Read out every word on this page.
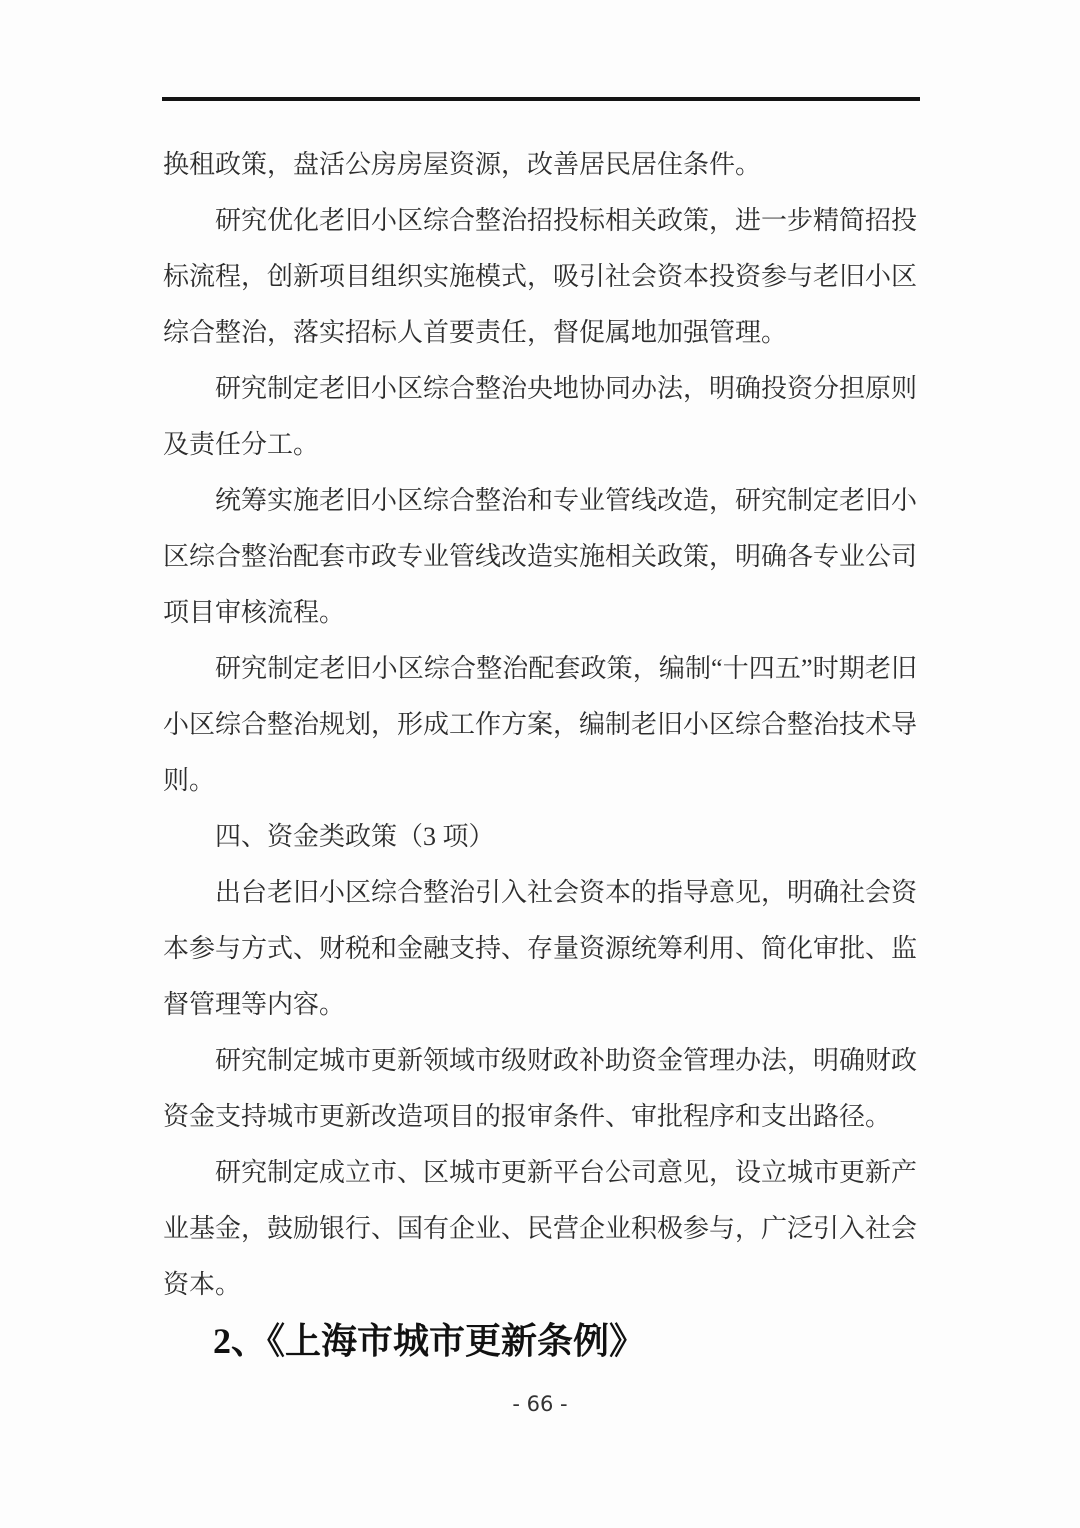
换租政策，盘活公房房屋资源，改善居民居住条件。

研究优化老旧小区综合整治招投标相关政策，进一步精简招投标流程，创新项目组织实施模式，吸引社会资本投资参与老旧小区综合整治，落实招标人首要责任，督促属地加强管理。

研究制定老旧小区综合整治央地协同办法，明确投资分担原则及责任分工。

统筹实施老旧小区综合整治和专业管线改造，研究制定老旧小区综合整治配套市政专业管线改造实施相关政策，明确各专业公司项目审核流程。

研究制定老旧小区综合整治配套政策，编制“十四五”时期老旧小区综合整治规划，形成工作方案，编制老旧小区综合整治技术导则。

四、资金类政策（3 项）

出台老旧小区综合整治引入社会资本的指导意见，明确社会资本参与方式、财税和金融支持、存量资源统筹利用、简化审批、监督管理等内容。

研究制定城市更新领域市级财政补助资金管理办法，明确财政资金支持城市更新改造项目的报审条件、审批程序和支出路径。

研究制定成立市、区城市更新平台公司意见，设立城市更新产业基金，鼓励银行、国有企业、民营企业积极参与，广泛引入社会资本。

2、《上海市城市更新条例》

- 66 -
